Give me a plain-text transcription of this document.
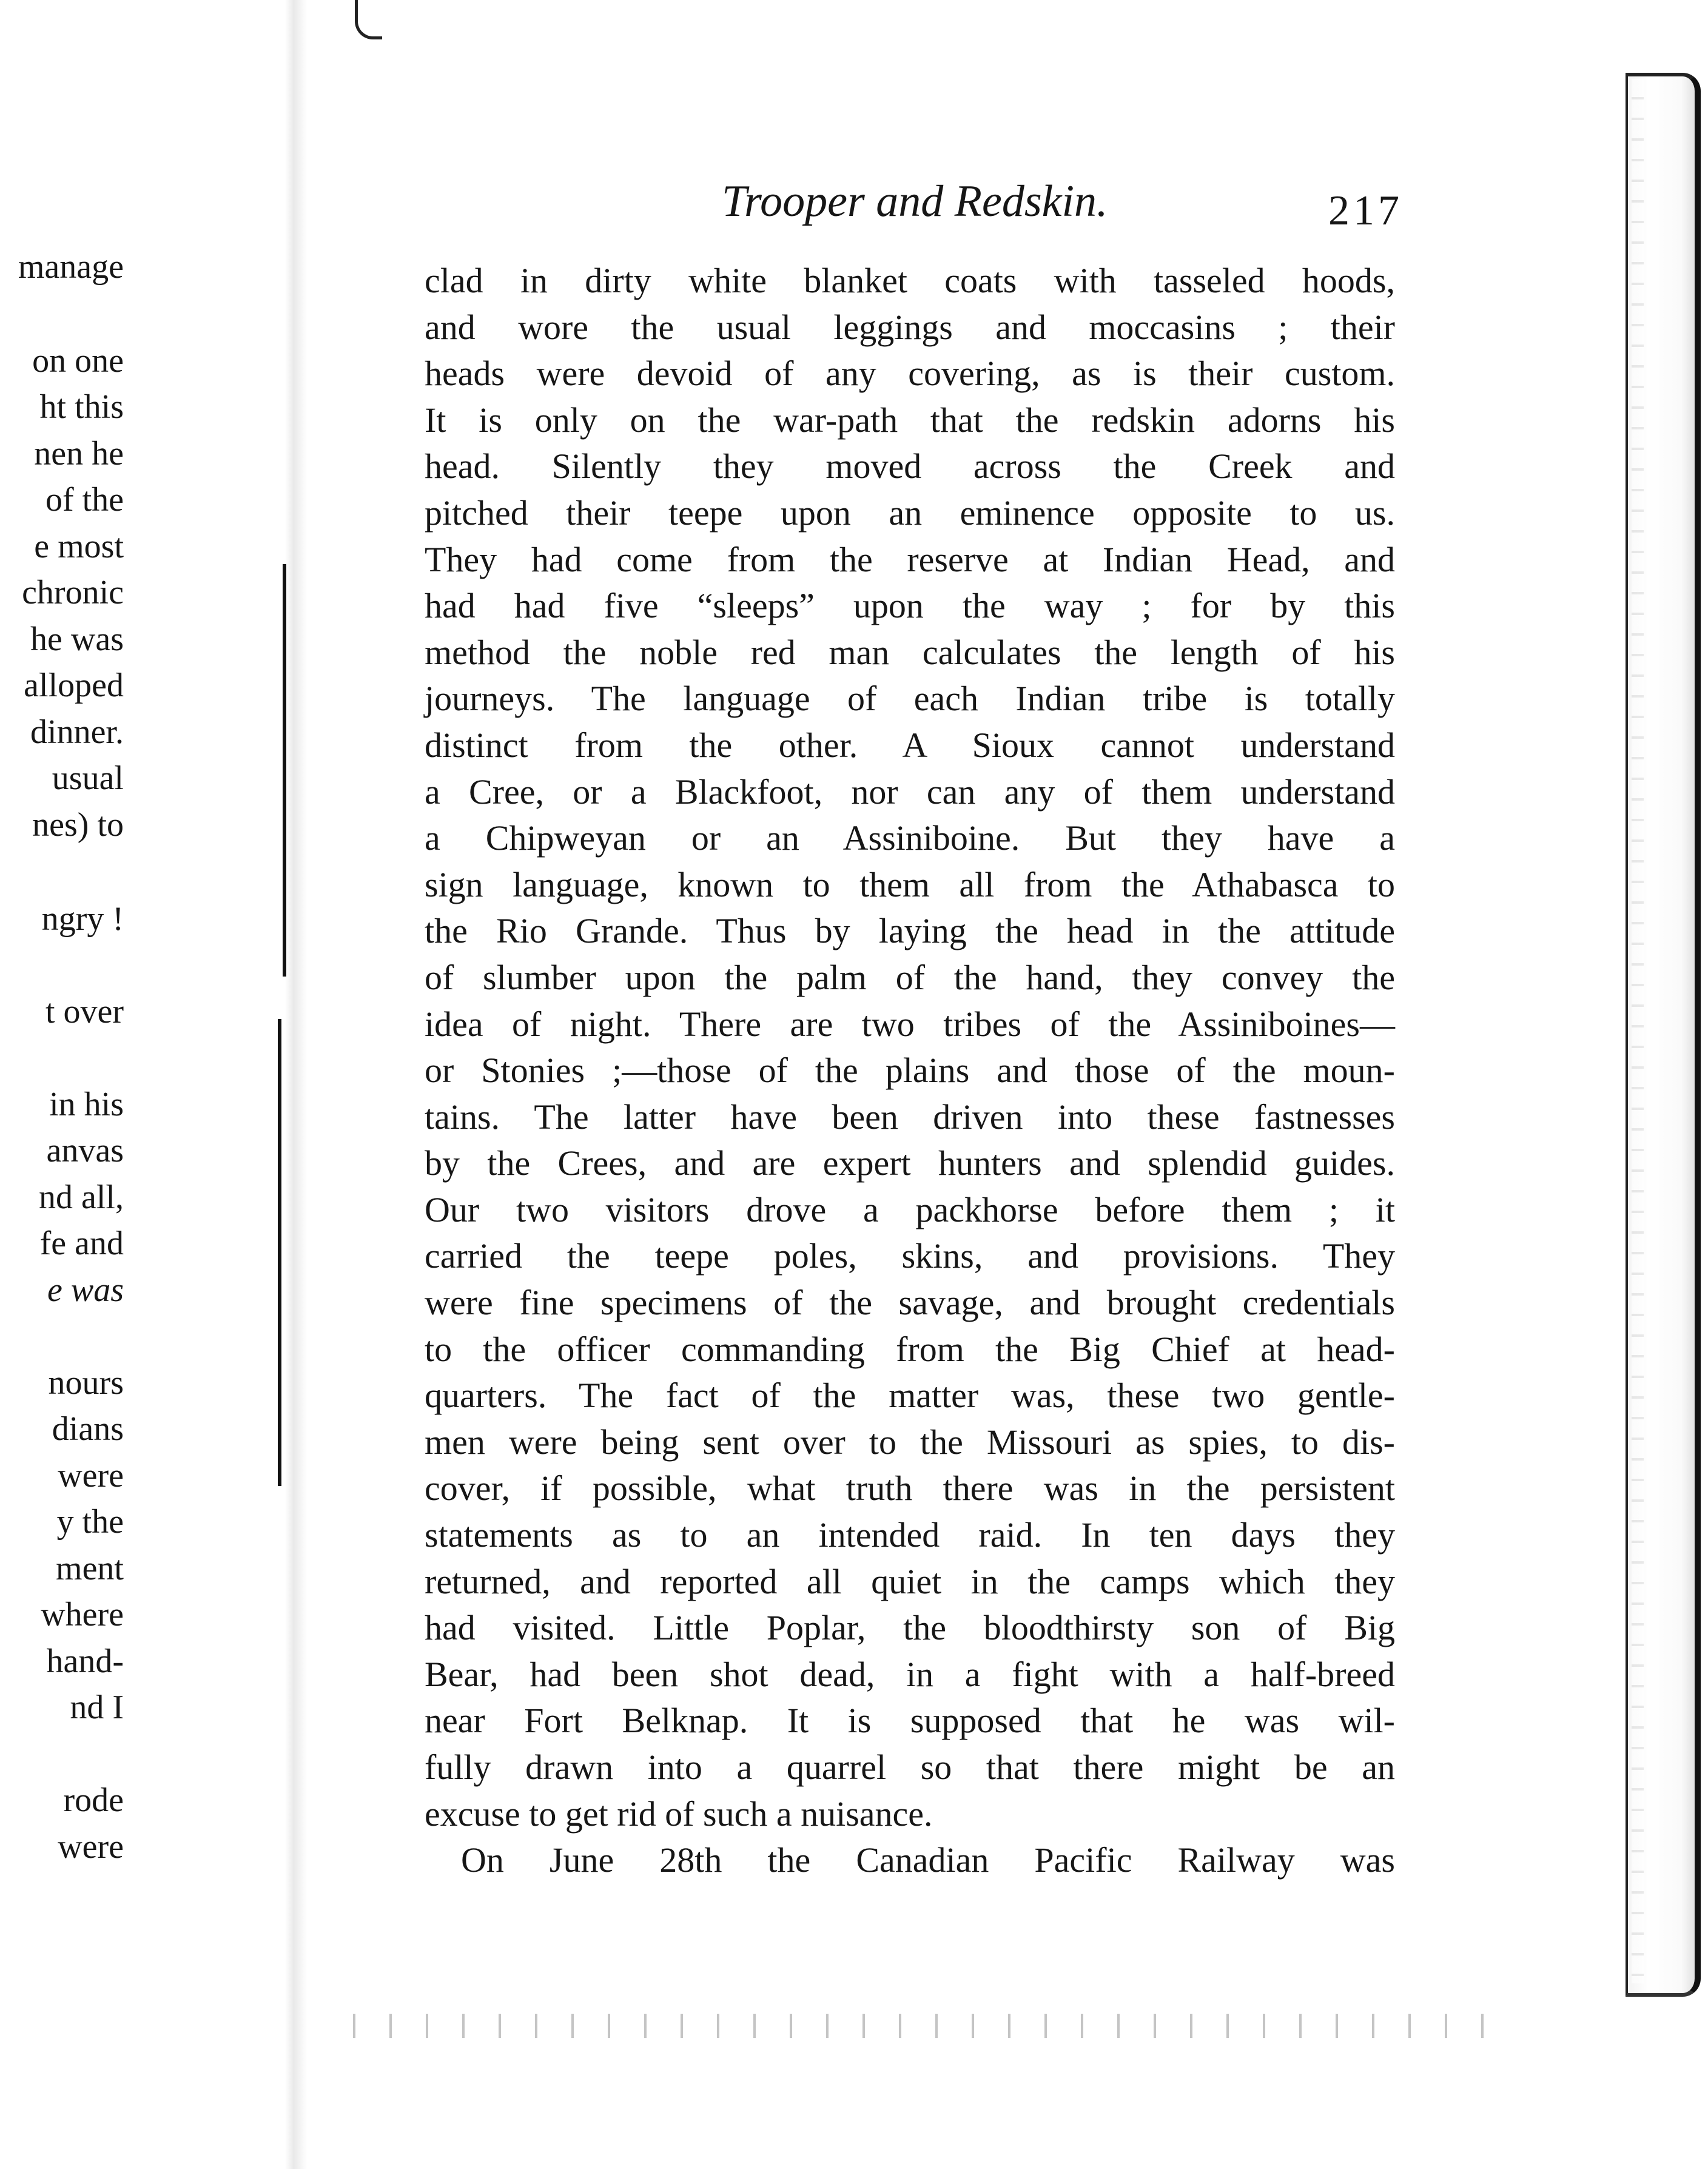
manage
on one
ht this
nen he
of the
e most
chronic
he was
alloped
dinner.
usual
nes) to
ngry !
t over
in his
anvas
nd all,
fe and
e was
nours
dians
were
y the
ment
where
hand-
nd I
rode
were
Trooper and Redskin.	217
clad in dirty white blanket coats with tasseled hoods,
and wore the usual leggings and moccasins ; their
heads were devoid of any covering, as is their custom.
It is only on the war-path that the redskin adorns his
head. Silently they moved across the Creek and
pitched their teepe upon an eminence opposite to us.
They had come from the reserve at Indian Head, and
had had five “sleeps” upon the way ; for by this
method the noble red man calculates the length of his
journeys. The language of each Indian tribe is totally
distinct from the other. A Sioux cannot understand
a Cree, or a Blackfoot, nor can any of them understand
a Chipweyan or an Assiniboine. But they have a
sign language, known to them all from the Athabasca to
the Rio Grande. Thus by laying the head in the attitude
of slumber upon the palm of the hand, they convey the
idea of night. There are two tribes of the Assiniboines—
or Stonies ;—those of the plains and those of the moun-
tains. The latter have been driven into these fastnesses
by the Crees, and are expert hunters and splendid guides.
Our two visitors drove a packhorse before them ; it
carried the teepe poles, skins, and provisions. They
were fine specimens of the savage, and brought credentials
to the officer commanding from the Big Chief at head-
quarters. The fact of the matter was, these two gentle-
men were being sent over to the Missouri as spies, to dis-
cover, if possible, what truth there was in the persistent
statements as to an intended raid. In ten days they
returned, and reported all quiet in the camps which they
had visited. Little Poplar, the bloodthirsty son of Big
Bear, had been shot dead, in a fight with a half-breed
near Fort Belknap. It is supposed that he was wil-
fully drawn into a quarrel so that there might be an
excuse to get rid of such a nuisance.
On June 28th the Canadian Pacific Railway was
